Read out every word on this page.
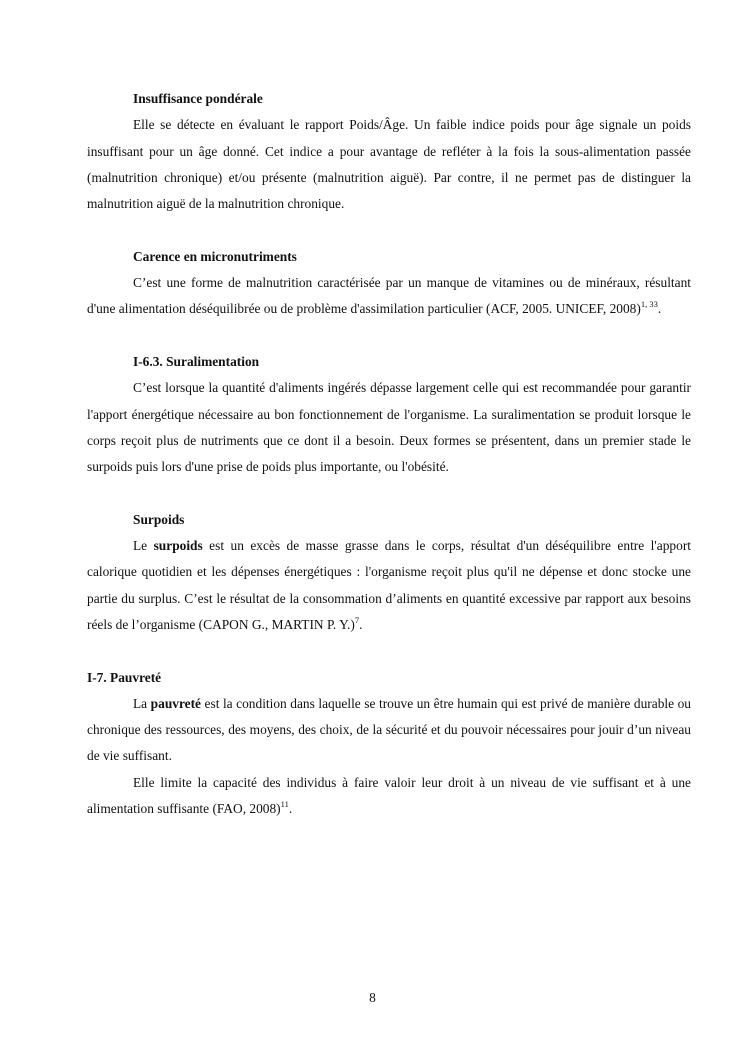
Insuffisance pondérale

Elle se détecte en évaluant le rapport Poids/Âge. Un faible indice poids pour âge signale un poids insuffisant pour un âge donné. Cet indice a pour avantage de refléter à la fois la sous-alimentation passée (malnutrition chronique) et/ou présente (malnutrition aiguë). Par contre, il ne permet pas de distinguer la malnutrition aiguë de la malnutrition chronique.

Carence en micronutriments

C’est une forme de malnutrition caractérisée par un manque de vitamines ou de minéraux, résultant d'une alimentation déséquilibrée ou de problème d'assimilation particulier (ACF, 2005. UNICEF, 2008)$^{1, 33}$.

I-6.3. Suralimentation

C’est lorsque la quantité d'aliments ingérés dépasse largement celle qui est recommandée pour garantir l'apport énergétique nécessaire au bon fonctionnement de l'organisme. La suralimentation se produit lorsque le corps reçoit plus de nutriments que ce dont il a besoin. Deux formes se présentent, dans un premier stade le surpoids puis lors d'une prise de poids plus importante, ou l'obésité.

Surpoids

Le surpoids est un excès de masse grasse dans le corps, résultat d'un déséquilibre entre l'apport calorique quotidien et les dépenses énergétiques : l'organisme reçoit plus qu'il ne dépense et donc stocke une partie du surplus. C’est le résultat de la consommation d’aliments en quantité excessive par rapport aux besoins réels de l’organisme (CAPON G., MARTIN P. Y.)$^7$.

I-7. Pauvreté

La pauvreté est la condition dans laquelle se trouve un être humain qui est privé de manière durable ou chronique des ressources, des moyens, des choix, de la sécurité et du pouvoir nécessaires pour jouir d’un niveau de vie suffisant.

Elle limite la capacité des individus à faire valoir leur droit à un niveau de vie suffisant et à une alimentation suffisante (FAO, 2008)$^{11}$.

8
